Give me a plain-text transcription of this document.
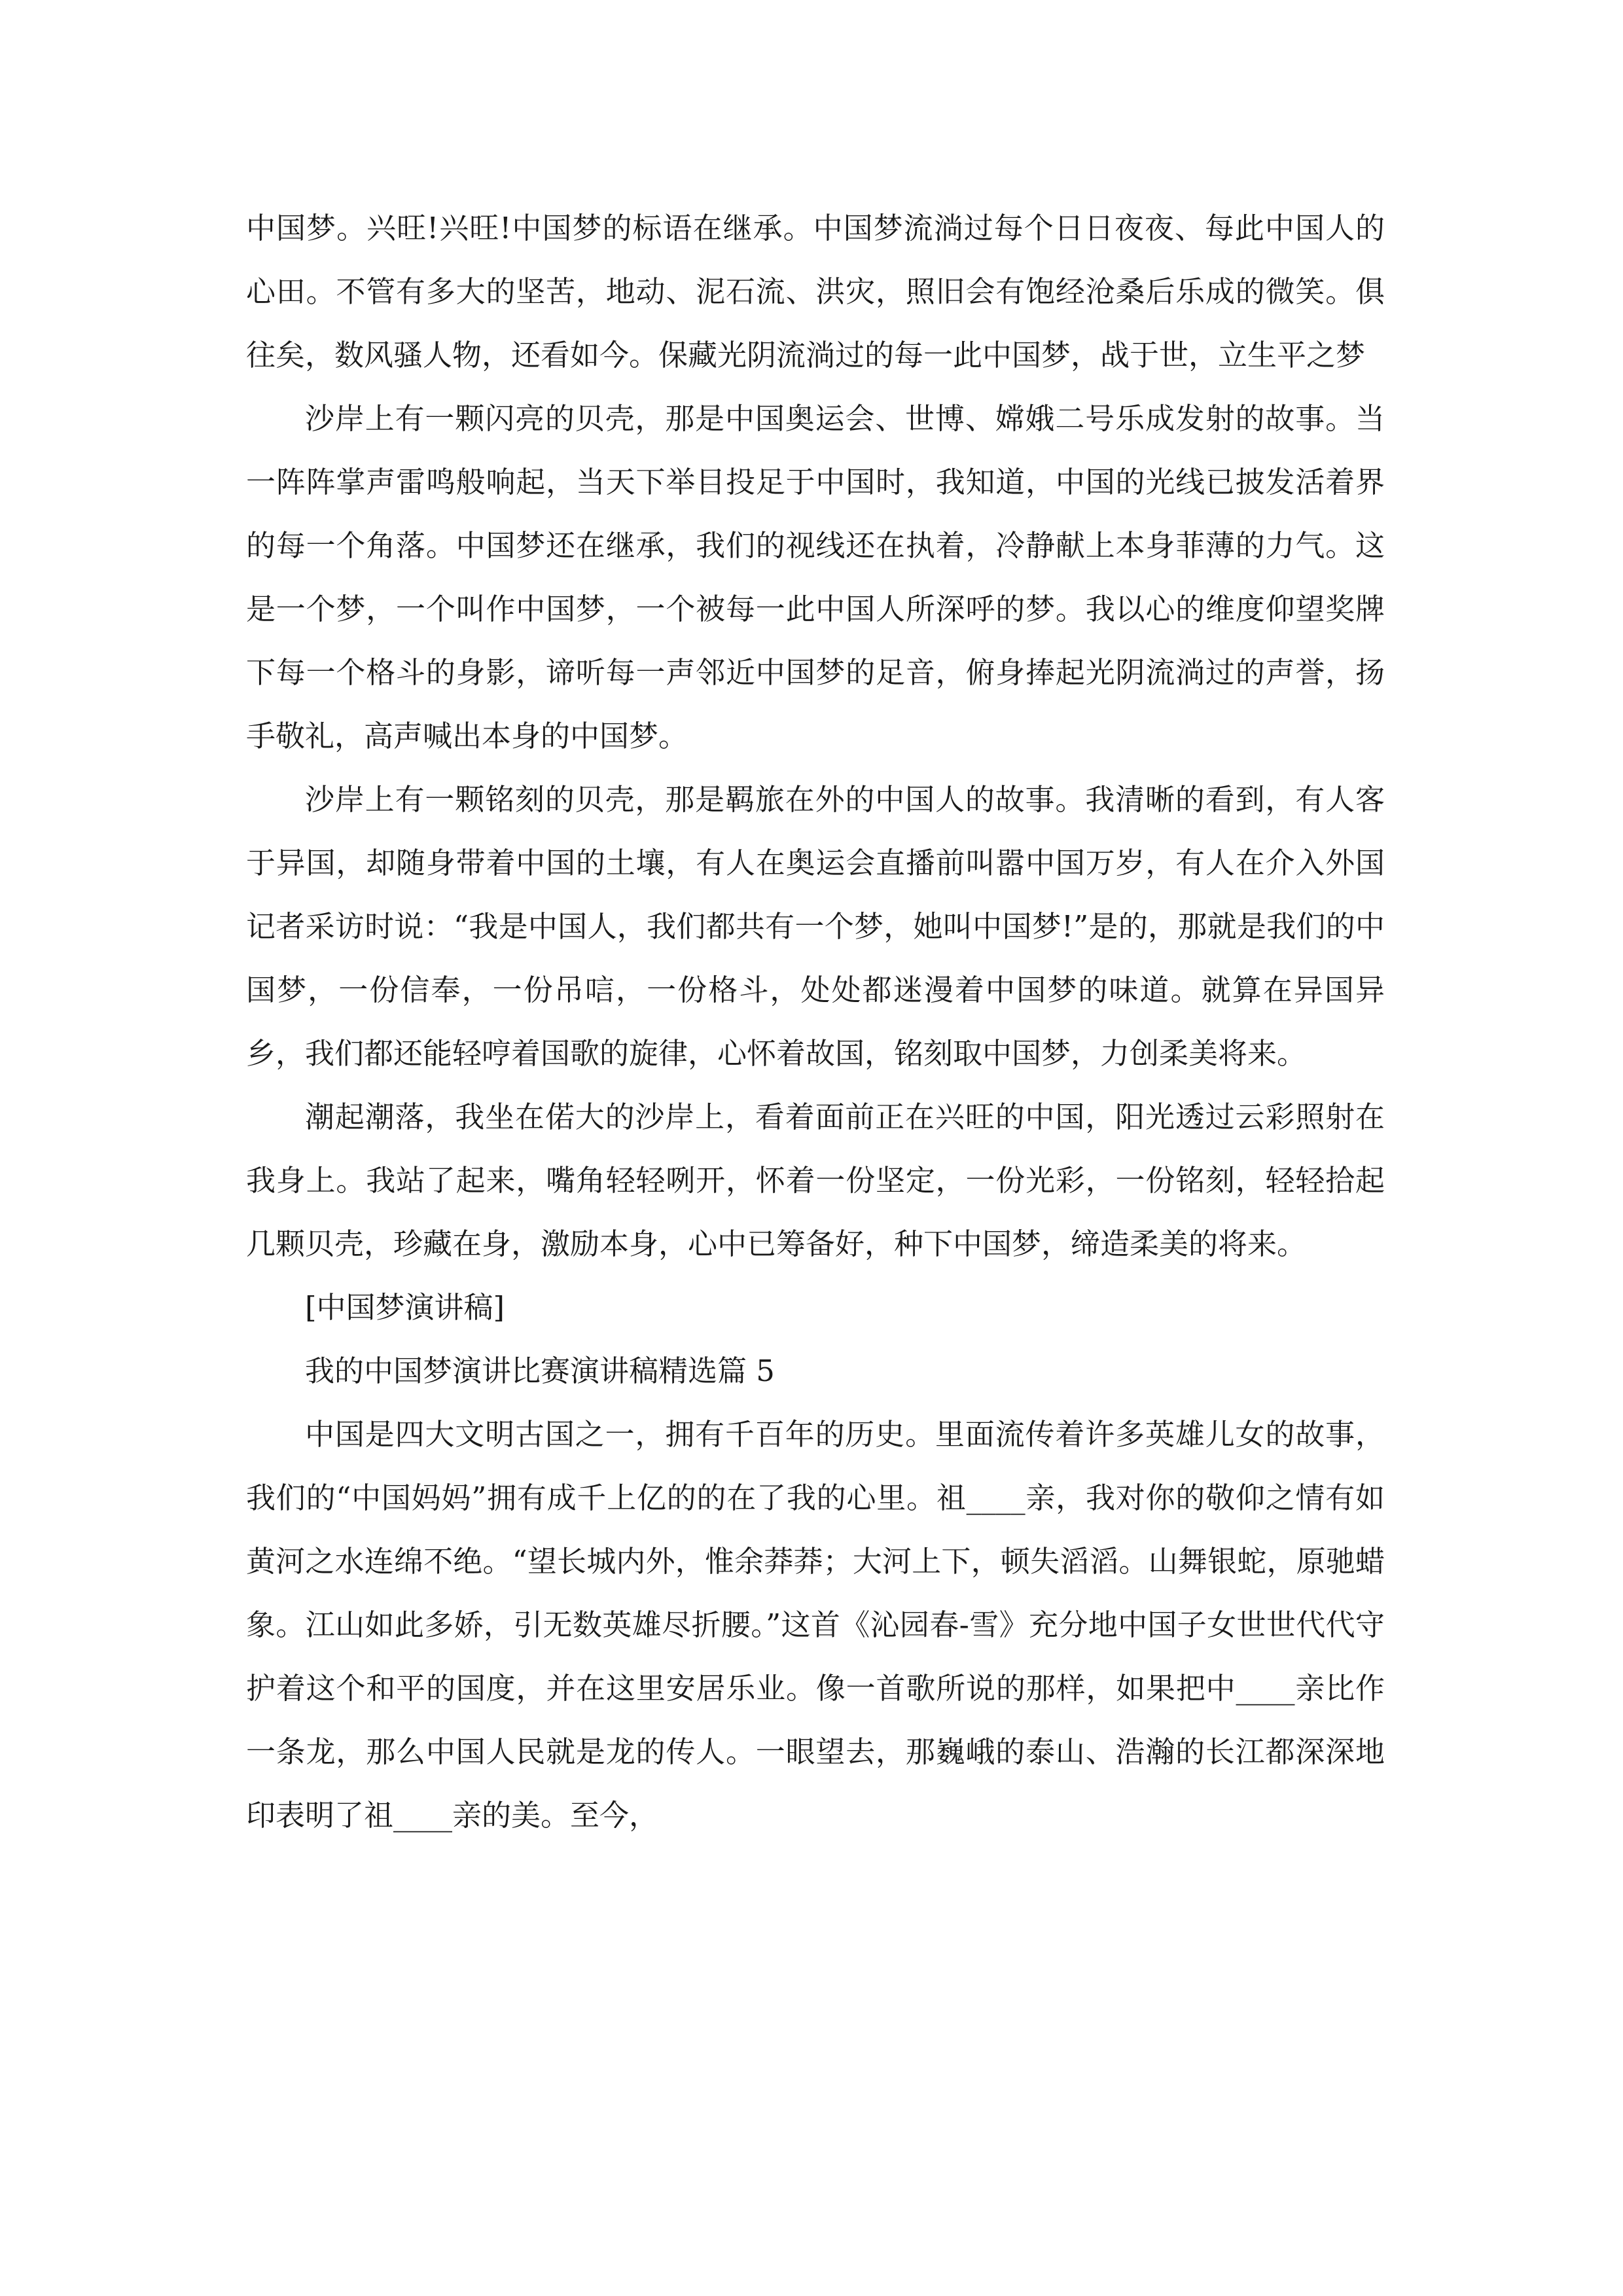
中国梦。兴旺!兴旺!中国梦的标语在继承。中国梦流淌过每个日日夜夜、每此中国人的心田。不管有多大的坚苦，地动、泥石流、洪灾，照旧会有饱经沧桑后乐成的微笑。俱往矣，数风骚人物，还看如今。保藏光阴流淌过的每一此中国梦，战于世，立生平之梦

沙岸上有一颗闪亮的贝壳，那是中国奥运会、世博、嫦娥二号乐成发射的故事。当一阵阵掌声雷鸣般响起，当天下举目投足于中国时，我知道，中国的光线已披发活着界的每一个角落。中国梦还在继承，我们的视线还在执着，冷静献上本身菲薄的力气。这是一个梦，一个叫作中国梦，一个被每一此中国人所深呼的梦。我以心的维度仰望奖牌下每一个格斗的身影，谛听每一声邻近中国梦的足音，俯身捧起光阴流淌过的声誉，扬手敬礼，高声喊出本身的中国梦。

沙岸上有一颗铭刻的贝壳，那是羁旅在外的中国人的故事。我清晰的看到，有人客于异国，却随身带着中国的土壤，有人在奥运会直播前叫嚣中国万岁，有人在介入外国记者采访时说：“我是中国人，我们都共有一个梦，她叫中国梦!”是的，那就是我们的中国梦，一份信奉，一份吊唁，一份格斗，处处都迷漫着中国梦的味道。就算在异国异乡，我们都还能轻哼着国歌的旋律，心怀着故国，铭刻取中国梦，力创柔美将来。

潮起潮落，我坐在偌大的沙岸上，看着面前正在兴旺的中国，阳光透过云彩照射在我身上。我站了起来，嘴角轻轻咧开，怀着一份坚定，一份光彩，一份铭刻，轻轻拾起几颗贝壳，珍藏在身，激励本身，心中已筹备好，种下中国梦，缔造柔美的将来。

[中国梦演讲稿]

我的中国梦演讲比赛演讲稿精选篇 5

中国是四大文明古国之一，拥有千百年的历史。里面流传着许多英雄儿女的故事，我们的“中国妈妈”拥有成千上亿的的在了我的心里。祖____亲，我对你的敬仰之情有如黄河之水连绵不绝。“望长城内外，惟余莽莽；大河上下，顿失滔滔。山舞银蛇，原驰蜡象。江山如此多娇，引无数英雄尽折腰。”这首《沁园春-雪》充分地中国子女世世代代守护着这个和平的国度，并在这里安居乐业。像一首歌所说的那样，如果把中____亲比作一条龙，那么中国人民就是龙的传人。一眼望去，那巍峨的泰山、浩瀚的长江都深深地印表明了祖____亲的美。至今，
